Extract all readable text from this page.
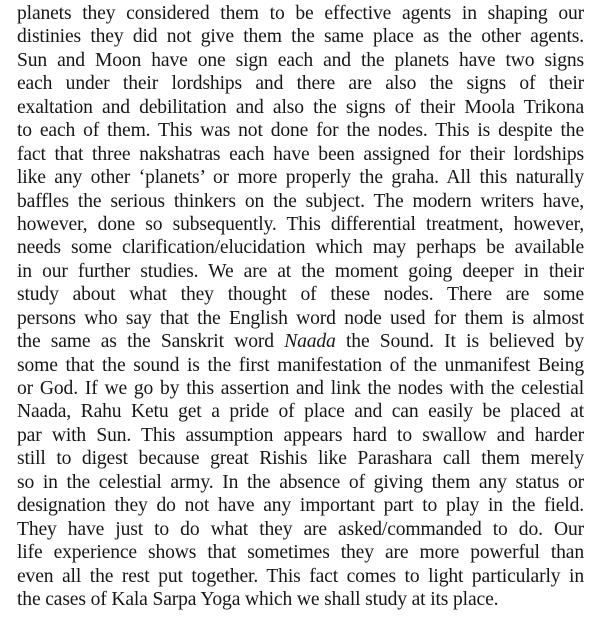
planets they considered them to be effective agents in shaping our
distinies they did not give them the same place as the other agents.
Sun and Moon have one sign each and the planets have two signs
each under their lordships and there are also the signs of their
exaltation and debilitation and also the signs of their Moola Trikona
to each of them. This was not done for the nodes. This is despite the
fact that three nakshatras each have been assigned for their lordships
like any other ‘planets’ or more properly the graha. All this naturally
baffles the serious thinkers on the subject. The modern writers have,
however, done so subsequently. This differential treatment, however,
needs some clarification/elucidation which may perhaps be available
in our further studies. We are at the moment going deeper in their
study about what they thought of these nodes. There are some
persons who say that the English word node used for them is almost
the same as the Sanskrit word Naada the Sound. It is believed by
some that the sound is the first manifestation of the unmanifest Being
or God. If we go by this assertion and link the nodes with the celestial
Naada, Rahu Ketu get a pride of place and can easily be placed at
par with Sun. This assumption appears hard to swallow and harder
still to digest because great Rishis like Parashara call them merely
so in the celestial army. In the absence of giving them any status or
designation they do not have any important part to play in the field.
They have just to do what they are asked/commanded to do. Our
life experience shows that sometimes they are more powerful than
even all the rest put together. This fact comes to light particularly in
the cases of Kala Sarpa Yoga which we shall study at its place.
